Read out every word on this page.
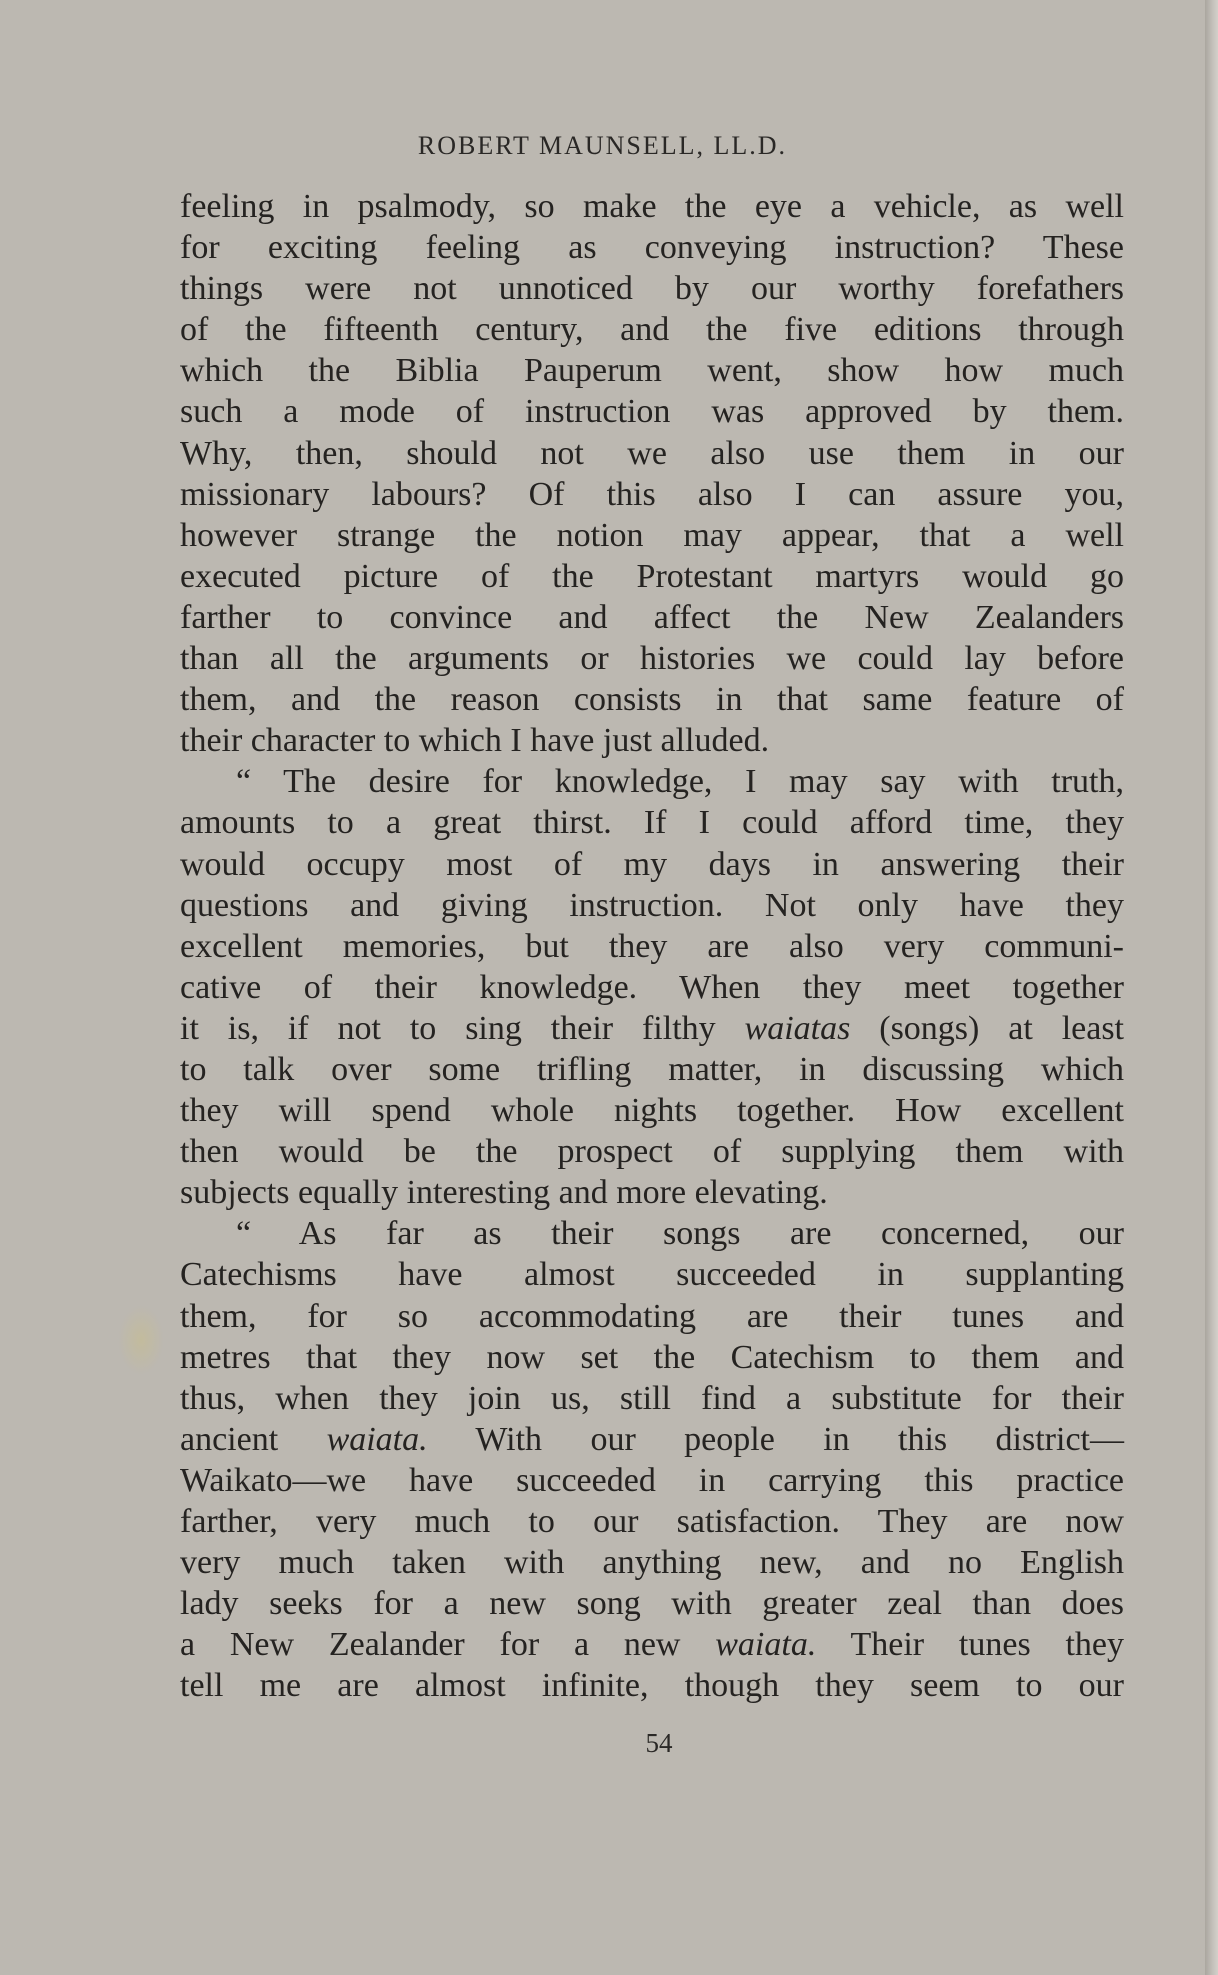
ROBERT MAUNSELL, LL.D.
feeling in psalmody, so make the eye a vehicle, as well
for exciting feeling as conveying instruction? These
things were not unnoticed by our worthy forefathers
of the fifteenth century, and the five editions through
which the Biblia Pauperum went, show how much
such a mode of instruction was approved by them.
Why, then, should not we also use them in our
missionary labours? Of this also I can assure you,
however strange the notion may appear, that a well
executed picture of the Protestant martyrs would go
farther to convince and affect the New Zealanders
than all the arguments or histories we could lay before
them, and the reason consists in that same feature of
their character to which I have just alluded.
“ The desire for knowledge, I may say with truth,
amounts to a great thirst. If I could afford time, they
would occupy most of my days in answering their
questions and giving instruction. Not only have they
excellent memories, but they are also very communi-
cative of their knowledge. When they meet together
it is, if not to sing their filthy waiatas (songs) at least
to talk over some trifling matter, in discussing which
they will spend whole nights together. How excellent
then would be the prospect of supplying them with
subjects equally interesting and more elevating.
“ As far as their songs are concerned, our
Catechisms have almost succeeded in supplanting
them, for so accommodating are their tunes and
metres that they now set the Catechism to them and
thus, when they join us, still find a substitute for their
ancient waiata. With our people in this district—
Waikato—we have succeeded in carrying this practice
farther, very much to our satisfaction. They are now
very much taken with anything new, and no English
lady seeks for a new song with greater zeal than does
a New Zealander for a new waiata. Their tunes they
tell me are almost infinite, though they seem to our
54
